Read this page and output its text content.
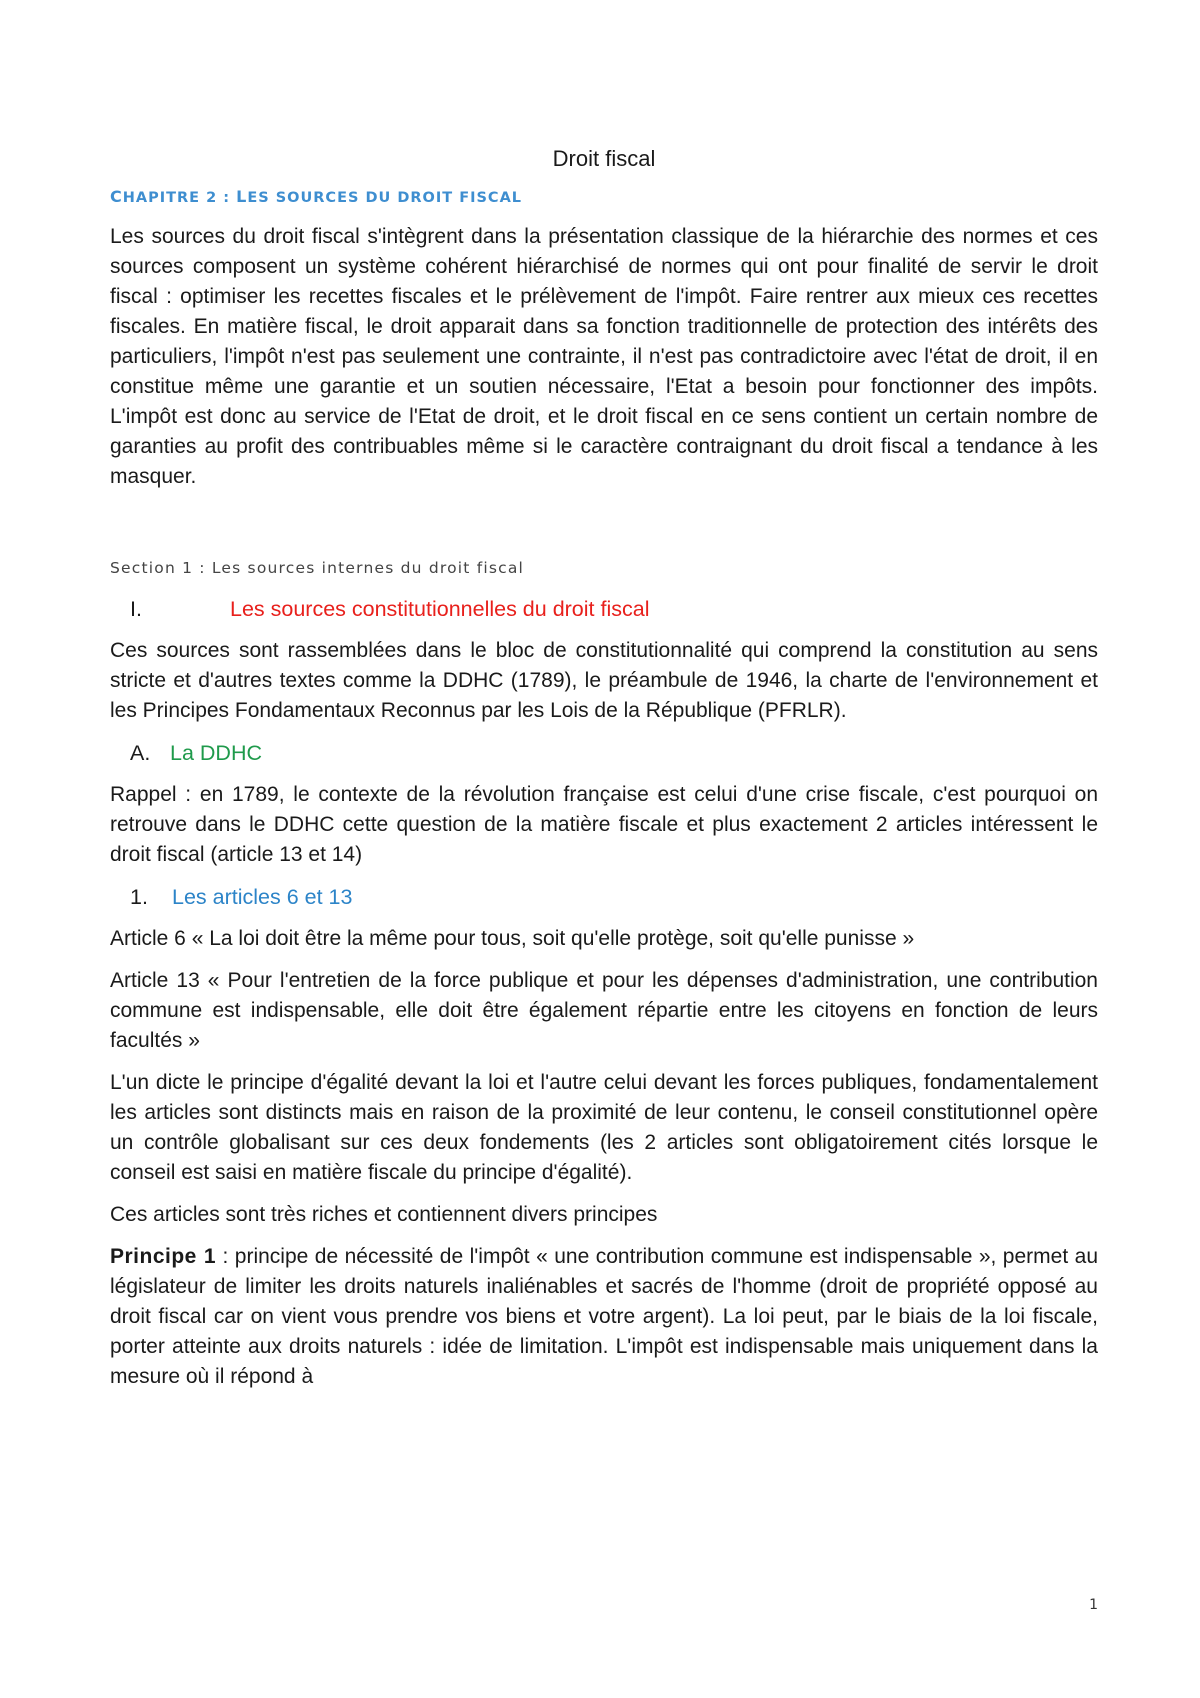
Droit fiscal
CHAPITRE 2 : LES SOURCES DU DROIT FISCAL

Les sources du droit fiscal s'intègrent dans la présentation classique de la hiérarchie des normes et ces sources composent un système cohérent hiérarchisé de normes qui ont pour finalité de servir le droit fiscal : optimiser les recettes fiscales et le prélèvement de l'impôt. Faire rentrer aux mieux ces recettes fiscales. En matière fiscal, le droit apparait dans sa fonction traditionnelle de protection des intérêts des particuliers, l'impôt n'est pas seulement une contrainte, il n'est pas contradictoire avec l'état de droit, il en constitue même une garantie et un soutien nécessaire, l'Etat a besoin pour fonctionner des impôts. L'impôt est donc au service de l'Etat de droit, et le droit fiscal en ce sens contient un certain nombre de garanties au profit des contribuables même si le caractère contraignant du droit fiscal a tendance à les masquer.

Section 1 : Les sources internes du droit fiscal
I.	Les sources constitutionnelles du droit fiscal

Ces sources sont rassemblées dans le bloc de constitutionnalité qui comprend la constitution au sens stricte et d'autres textes comme la DDHC (1789), le préambule de 1946, la charte de l'environnement et les Principes Fondamentaux Reconnus par les Lois de la République (PFRLR).

A. La DDHC

Rappel : en 1789, le contexte de la révolution française est celui d'une crise fiscale, c'est pourquoi on retrouve dans le DDHC cette question de la matière fiscale et plus exactement 2 articles intéressent le droit fiscal (article 13 et 14)

1.	Les articles 6 et 13

Article 6 « La loi doit être la même pour tous, soit qu'elle protège, soit qu'elle punisse »

Article 13 « Pour l'entretien de la force publique et pour les dépenses d'administration, une contribution commune est indispensable, elle doit être également répartie entre les citoyens en fonction de leurs facultés »

L'un dicte le principe d'égalité devant la loi et l'autre celui devant les forces publiques, fondamentalement les articles sont distincts mais en raison de la proximité de leur contenu, le conseil constitutionnel opère un contrôle globalisant sur ces deux fondements (les 2 articles sont obligatoirement cités lorsque le conseil est saisi en matière fiscale du principe d'égalité).

Ces articles sont très riches et contiennent divers principes

Principe 1 : principe de nécessité de l'impôt « une contribution commune est indispensable », permet au législateur de limiter les droits naturels inaliénables et sacrés de l'homme (droit de propriété opposé au droit fiscal car on vient vous prendre vos biens et votre argent). La loi peut, par le biais de la loi fiscale, porter atteinte aux droits naturels : idée de limitation. L'impôt est indispensable mais uniquement dans la mesure où il répond à

1
